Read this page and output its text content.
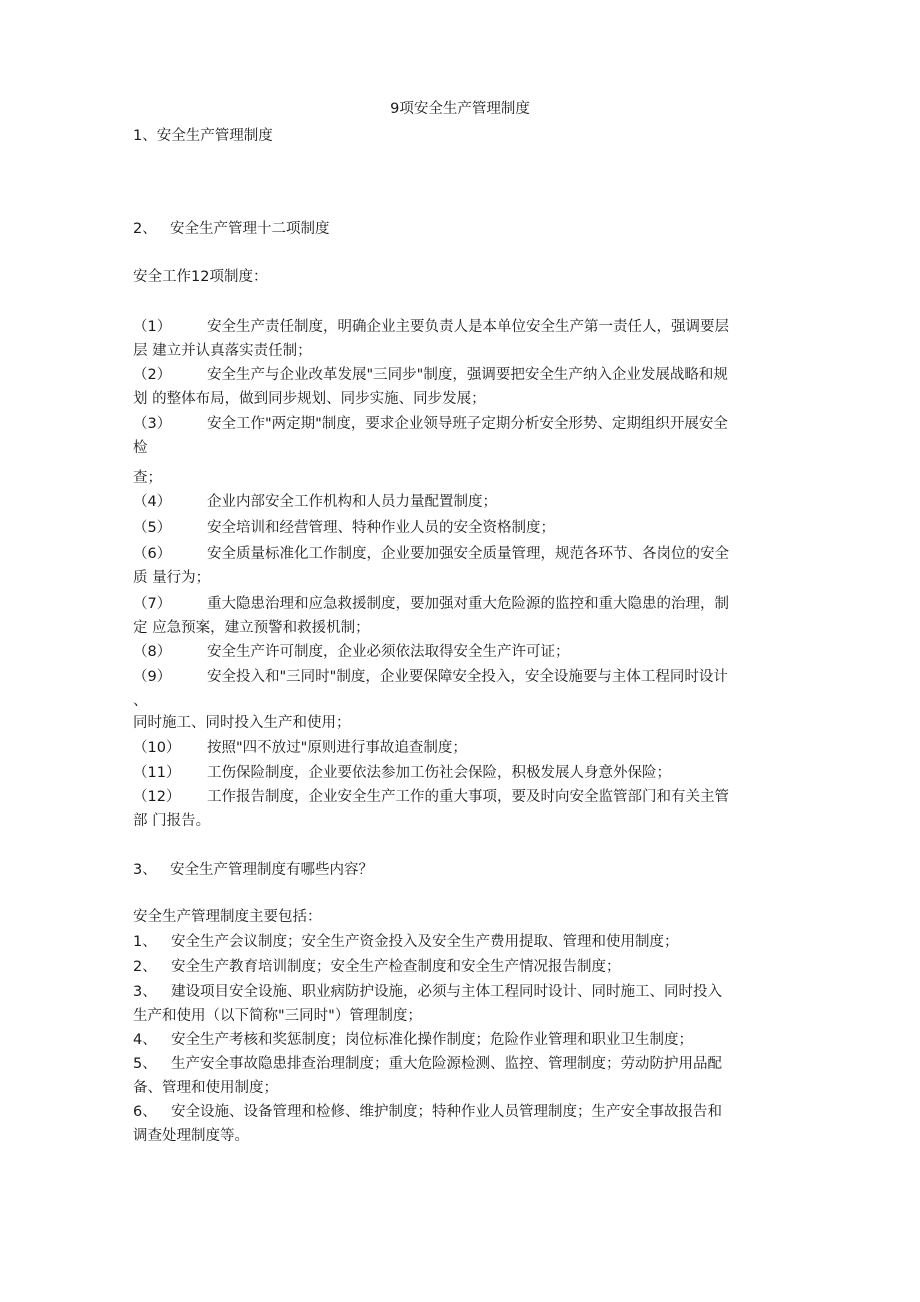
9项安全生产管理制度
1、安全生产管理制度
2、 安全生产管理十二项制度
安全工作12项制度：
（1） 安全生产责任制度，明确企业主要负责人是本单位安全生产第一责任人，强调要层
层 建立并认真落实责任制；
（2） 安全生产与企业改革发展"三同步"制度，强调要把安全生产纳入企业发展战略和规
划 的整体布局，做到同步规划、同步实施、同步发展；
（3） 安全工作"两定期"制度，要求企业领导班子定期分析安全形势、定期组织开展安全
检
查；
（4） 企业内部安全工作机构和人员力量配置制度；
（5） 安全培训和经营管理、特种作业人员的安全资格制度；
（6） 安全质量标准化工作制度，企业要加强安全质量管理，规范各环节、各岗位的安全
质 量行为；
（7） 重大隐患治理和应急救援制度，要加强对重大危险源的监控和重大隐患的治理，制
定 应急预案，建立预警和救援机制；
（8） 安全生产许可制度，企业必须依法取得安全生产许可证；
（9） 安全投入和"三同时"制度，企业要保障安全投入，安全设施要与主体工程同时设计
、
同时施工、同时投入生产和使用；
（10） 按照"四不放过"原则进行事故追查制度；
（11） 工伤保险制度，企业要依法参加工伤社会保险，积极发展人身意外保险；
（12） 工作报告制度，企业安全生产工作的重大事项，要及时向安全监管部门和有关主管
部 门报告。
3、 安全生产管理制度有哪些内容？
安全生产管理制度主要包括：
1、 安全生产会议制度；安全生产资金投入及安全生产费用提取、管理和使用制度；
2、 安全生产教育培训制度；安全生产检查制度和安全生产情况报告制度；
3、 建设项目安全设施、职业病防护设施，必须与主体工程同时设计、同时施工、同时投入
生产和使用（以下简称"三同时"）管理制度；
4、 安全生产考核和奖惩制度；岗位标准化操作制度；危险作业管理和职业卫生制度；
5、 生产安全事故隐患排查治理制度；重大危险源检测、监控、管理制度；劳动防护用品配
备、管理和使用制度；
6、 安全设施、设备管理和检修、维护制度；特种作业人员管理制度；生产安全事故报告和
调查处理制度等。
